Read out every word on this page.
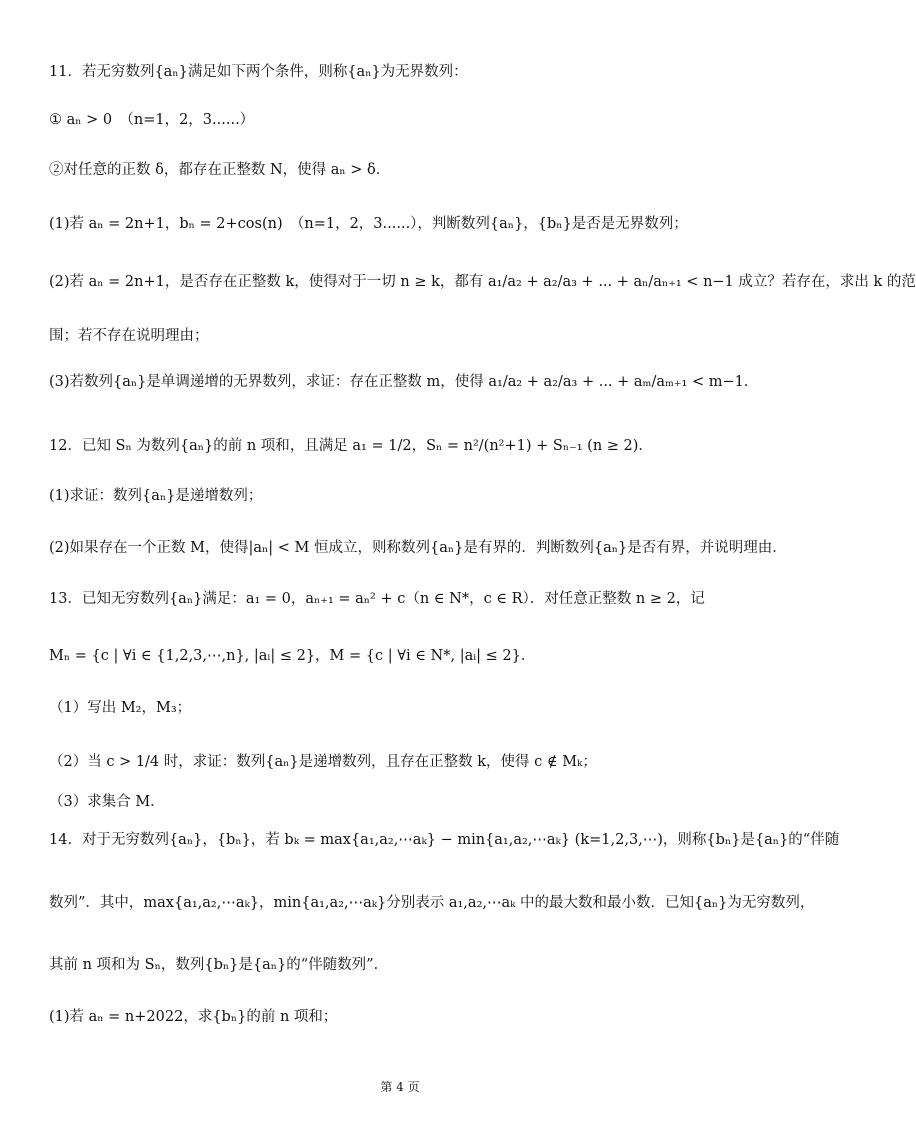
11．若无穷数列{aₙ}满足如下两个条件，则称{aₙ}为无界数列：
① aₙ > 0　（n=1，2，3......）
②对任意的正数 δ，都存在正整数 N，使得 aₙ > δ．
(1)若 aₙ = 2n+1，bₙ = 2+cos(n)　（n=1，2，3......），判断数列{aₙ}，{bₙ}是否是无界数列；
(2)若 aₙ = 2n+1，是否存在正整数 k，使得对于一切 n ≥ k，都有 a₁/a₂ + a₂/a₃ + ... + aₙ/aₙ₊₁ < n−1 成立？若存在，求出 k 的范
围；若不存在说明理由；
(3)若数列{aₙ}是单调递增的无界数列，求证：存在正整数 m，使得 a₁/a₂ + a₂/a₃ + ... + aₘ/aₘ₊₁ < m−1．
12．已知 Sₙ 为数列{aₙ}的前 n 项和，且满足 a₁ = 1/2，Sₙ = n²/(n²+1) + Sₙ₋₁ (n ≥ 2)．
(1)求证：数列{aₙ}是递增数列；
(2)如果存在一个正数 M，使得|aₙ| < M 恒成立，则称数列{aₙ}是有界的．判断数列{aₙ}是否有界，并说明理由．
13．已知无穷数列{aₙ}满足：a₁ = 0，aₙ₊₁ = aₙ² + c（n ∈ N*，c ∈ R）．对任意正整数 n ≥ 2，记
Mₙ = {c | ∀i ∈ {1,2,3,⋯,n}, |aᵢ| ≤ 2}，M = {c | ∀i ∈ N*, |aᵢ| ≤ 2}．
（1）写出 M₂，M₃；
（2）当 c > 1/4 时，求证：数列{aₙ}是递增数列，且存在正整数 k，使得 c ∉ Mₖ；
（3）求集合 M．
14．对于无穷数列{aₙ}，{bₙ}，若 bₖ = max{a₁,a₂,⋯aₖ} − min{a₁,a₂,⋯aₖ} (k=1,2,3,⋯)，则称{bₙ}是{aₙ}的“伴随
数列”．其中，max{a₁,a₂,⋯aₖ}，min{a₁,a₂,⋯aₖ}分别表示 a₁,a₂,⋯aₖ 中的最大数和最小数．已知{aₙ}为无穷数列，
其前 n 项和为 Sₙ，数列{bₙ}是{aₙ}的“伴随数列”．
(1)若 aₙ = n+2022，求{bₙ}的前 n 项和；
第 4 页
